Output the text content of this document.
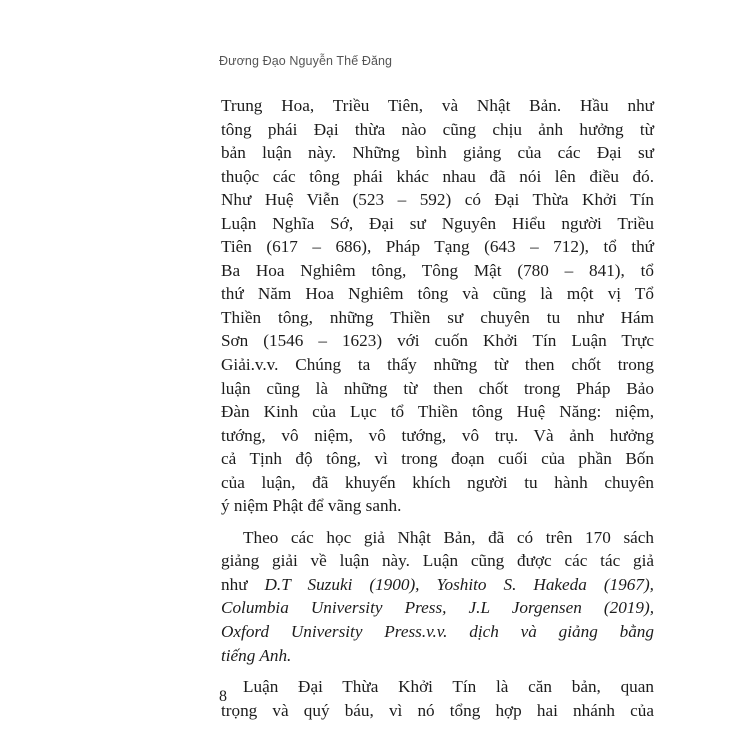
Đương Đạo Nguyễn Thế Đăng

Trung Hoa, Triều Tiên, và Nhật Bản. Hầu như
tông phái Đại thừa nào cũng chịu ảnh hưởng từ
bản luận này. Những bình giảng của các Đại sư
thuộc các tông phái khác nhau đã nói lên điều đó.
Như Huệ Viễn (523 – 592) có Đại Thừa Khởi Tín
Luận Nghĩa Sớ, Đại sư Nguyên Hiểu người Triều
Tiên (617 – 686), Pháp Tạng (643 – 712), tổ thứ
Ba Hoa Nghiêm tông, Tông Mật (780 – 841), tổ
thứ Năm Hoa Nghiêm tông và cũng là một vị Tổ
Thiền tông, những Thiền sư chuyên tu như Hám
Sơn (1546 – 1623) với cuốn Khởi Tín Luận Trực
Giải.v.v. Chúng ta thấy những từ then chốt trong
luận cũng là những từ then chốt trong Pháp Bảo
Đàn Kinh của Lục tổ Thiền tông Huệ Năng: niệm,
tướng, vô niệm, vô tướng, vô trụ. Và ảnh hưởng
cả Tịnh độ tông, vì trong đoạn cuối của phần Bốn
của luận, đã khuyến khích người tu hành chuyên
ý niệm Phật để vãng sanh.

Theo các học giả Nhật Bản, đã có trên 170 sách
giảng giải về luận này. Luận cũng được các tác giả
như D.T Suzuki (1900), Yoshito S. Hakeda (1967),
Columbia University Press, J.L Jorgensen (2019),
Oxford University Press.v.v. dịch và giảng bằng
tiếng Anh.

Luận Đại Thừa Khởi Tín là căn bản, quan
trọng và quý báu, vì nó tổng hợp hai nhánh của

8
